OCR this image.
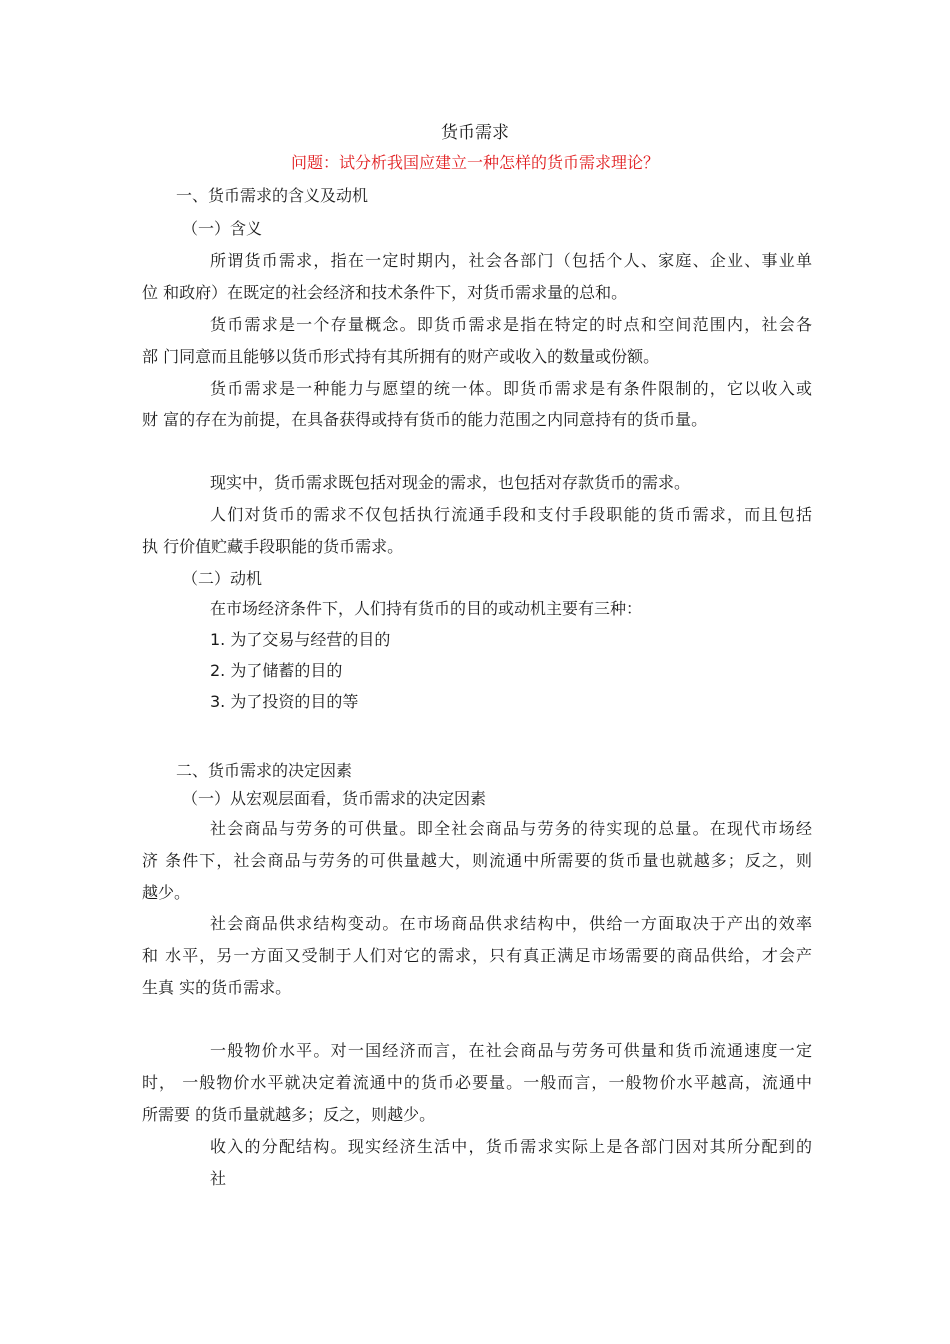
货币需求
问题：试分析我国应建立一种怎样的货币需求理论？
一、货币需求的含义及动机
（一）含义
所谓货币需求，指在一定时期内，社会各部门（包括个人、家庭、企业、事业单
位 和政府）在既定的社会经济和技术条件下，对货币需求量的总和。
货币需求是一个存量概念。即货币需求是指在特定的时点和空间范围内，社会各
部 门同意而且能够以货币形式持有其所拥有的财产或收入的数量或份额。
货币需求是一种能力与愿望的统一体。即货币需求是有条件限制的，它以收入或
财 富的存在为前提，在具备获得或持有货币的能力范围之内同意持有的货币量。
现实中，货币需求既包括对现金的需求，也包括对存款货币的需求。
人们对货币的需求不仅包括执行流通手段和支付手段职能的货币需求，而且包括
执 行价值贮藏手段职能的货币需求。
（二）动机
在市场经济条件下，人们持有货币的目的或动机主要有三种：
1. 为了交易与经营的目的
2. 为了储蓄的目的
3. 为了投资的目的等
二、货币需求的决定因素
（一）从宏观层面看，货币需求的决定因素
社会商品与劳务的可供量。即全社会商品与劳务的待实现的总量。在现代市场经
济 条件下，社会商品与劳务的可供量越大，则流通中所需要的货币量也就越多；反之，则
越少。
社会商品供求结构变动。在市场商品供求结构中，供给一方面取决于产出的效率
和 水平，另一方面又受制于人们对它的需求，只有真正满足市场需要的商品供给，才会产
生真 实的货币需求。
一般物价水平。对一国经济而言，在社会商品与劳务可供量和货币流通速度一定
时， 一般物价水平就决定着流通中的货币必要量。一般而言，一般物价水平越高，流通中
所需要 的货币量就越多；反之，则越少。
收入的分配结构。现实经济生活中，货币需求实际上是各部门因对其所分配到的
社
